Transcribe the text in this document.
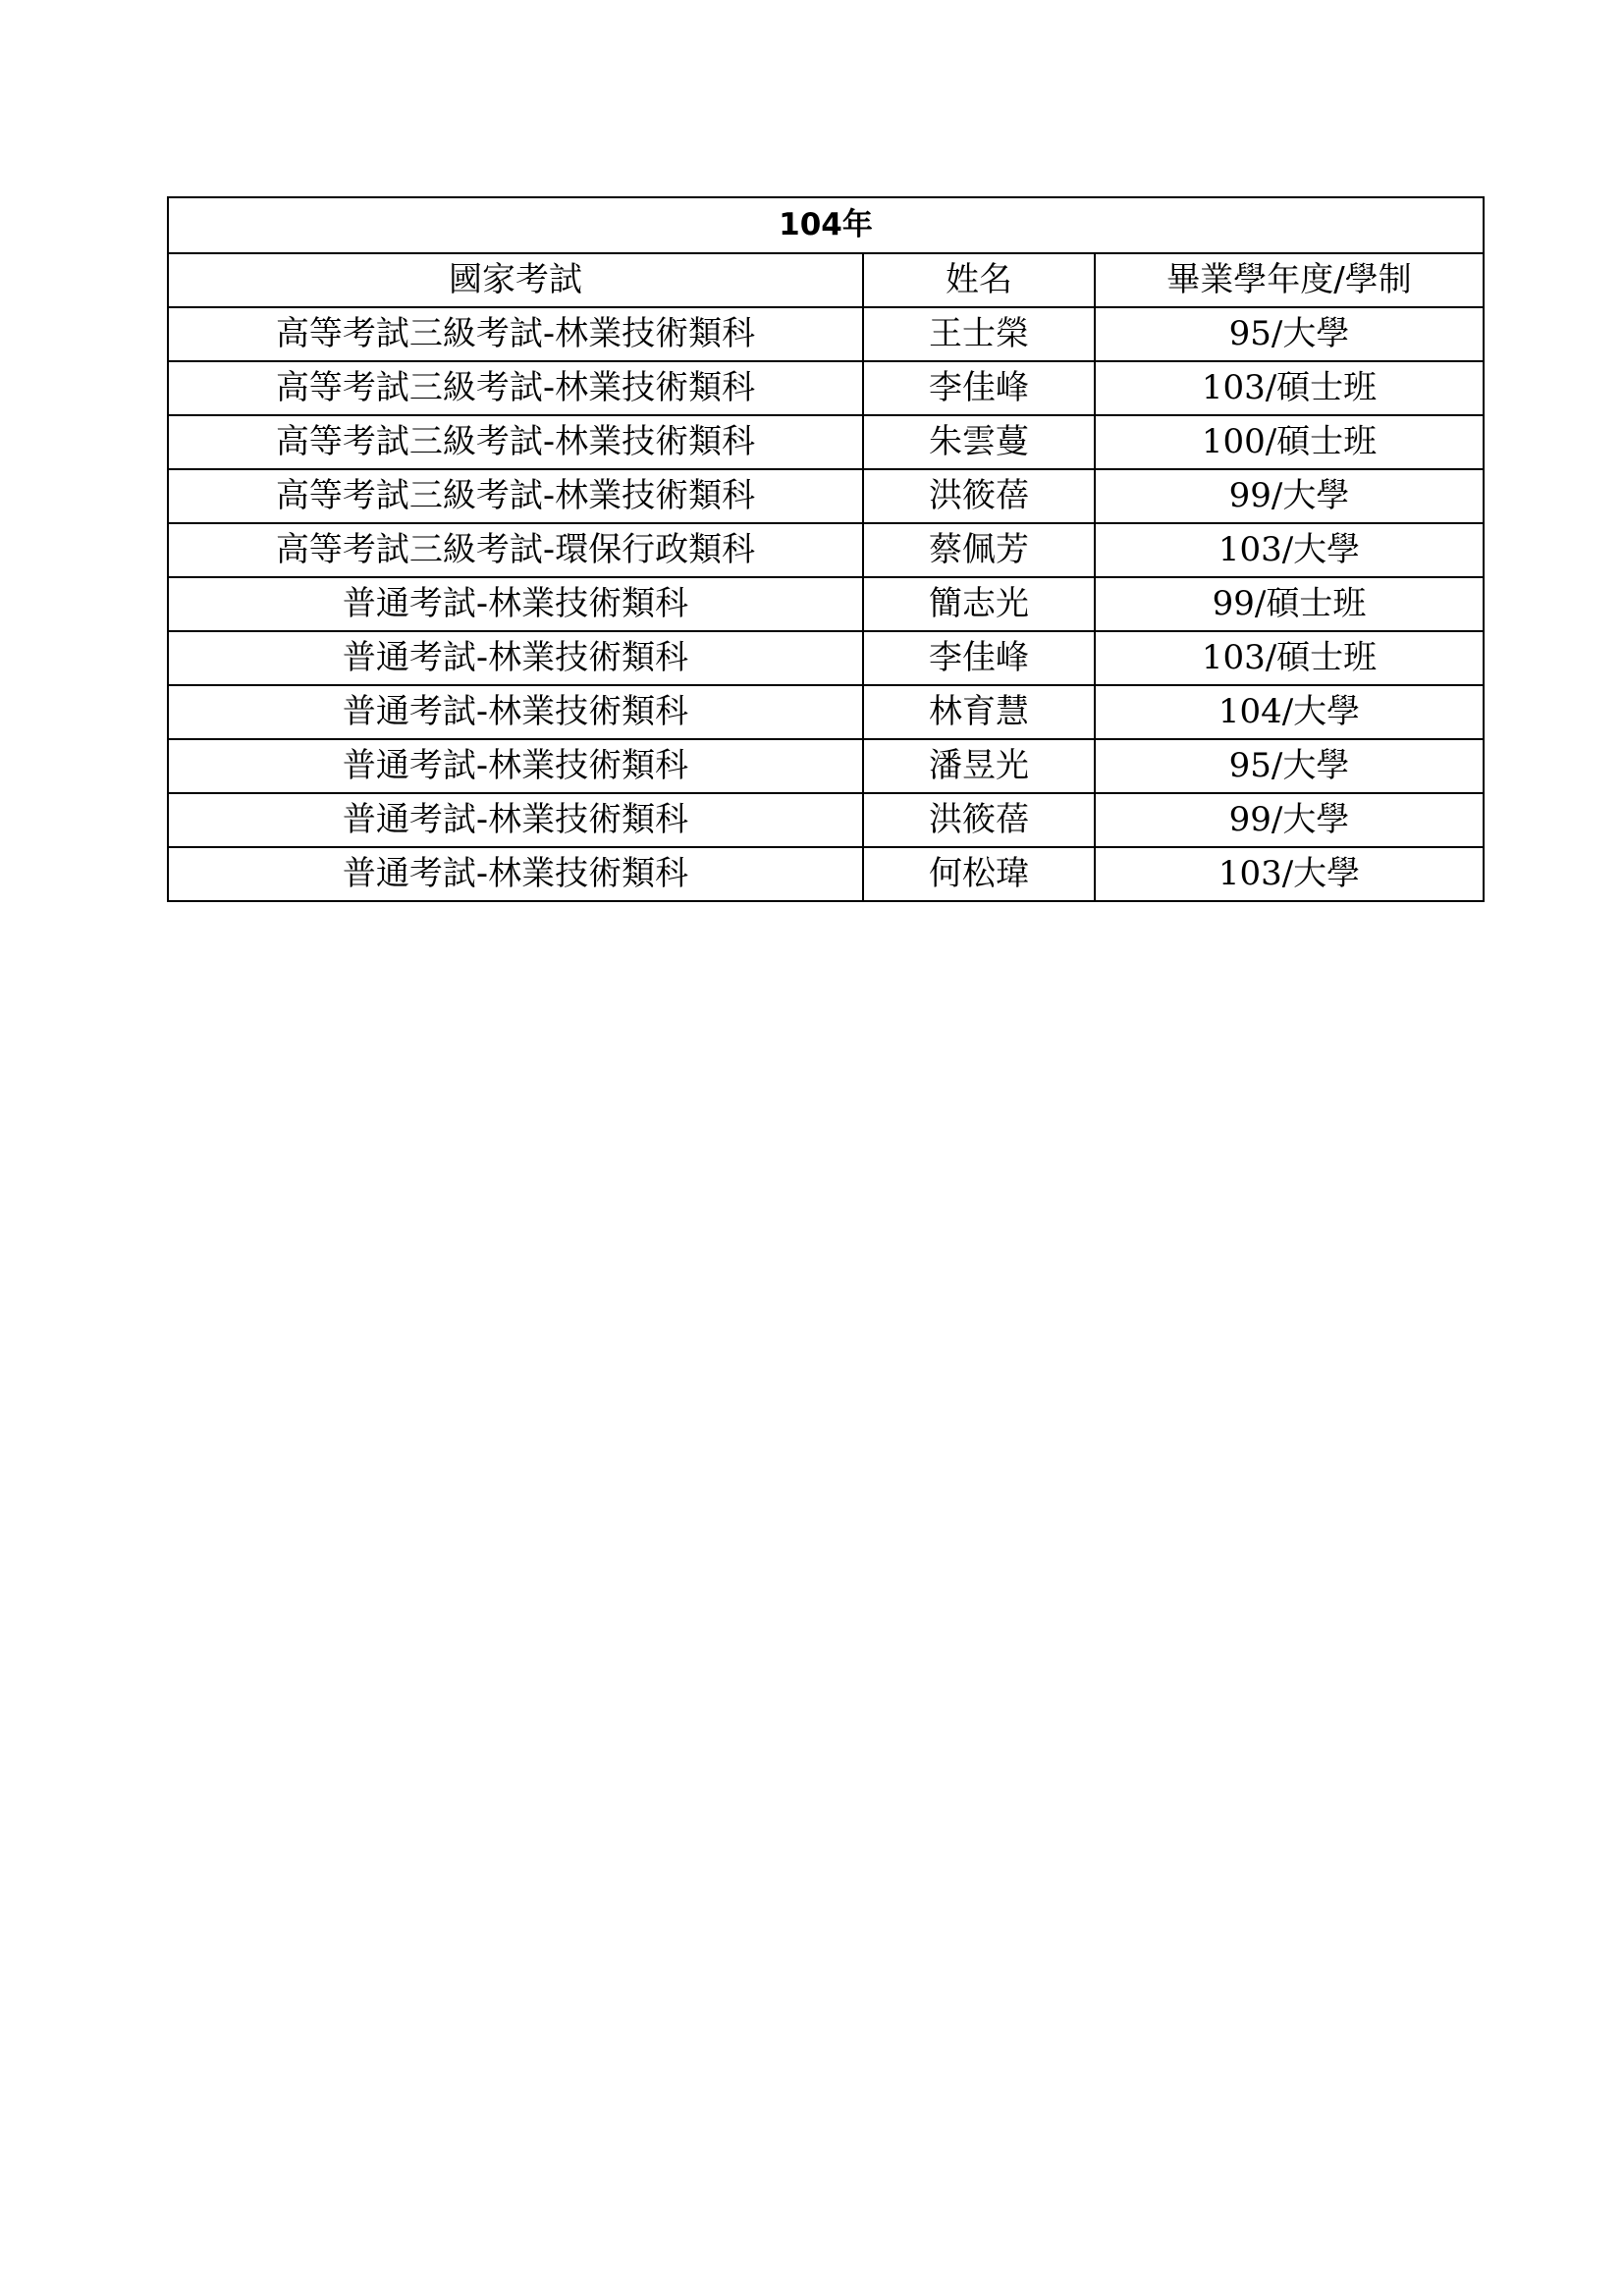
104年		
國家考試	姓名	畢業學年度/學制
高等考試三級考試-林業技術類科	王士榮	95/大學
高等考試三級考試-林業技術類科	李佳峰	103/碩士班
高等考試三級考試-林業技術類科	朱雲蔓	100/碩士班
高等考試三級考試-林業技術類科	洪筱蓓	99/大學
高等考試三級考試-環保行政類科	蔡佩芳	103/大學
普通考試-林業技術類科	簡志光	99/碩士班
普通考試-林業技術類科	李佳峰	103/碩士班
普通考試-林業技術類科	林育慧	104/大學
普通考試-林業技術類科	潘昱光	95/大學
普通考試-林業技術類科	洪筱蓓	99/大學
普通考試-林業技術類科	何松瑋	103/大學
